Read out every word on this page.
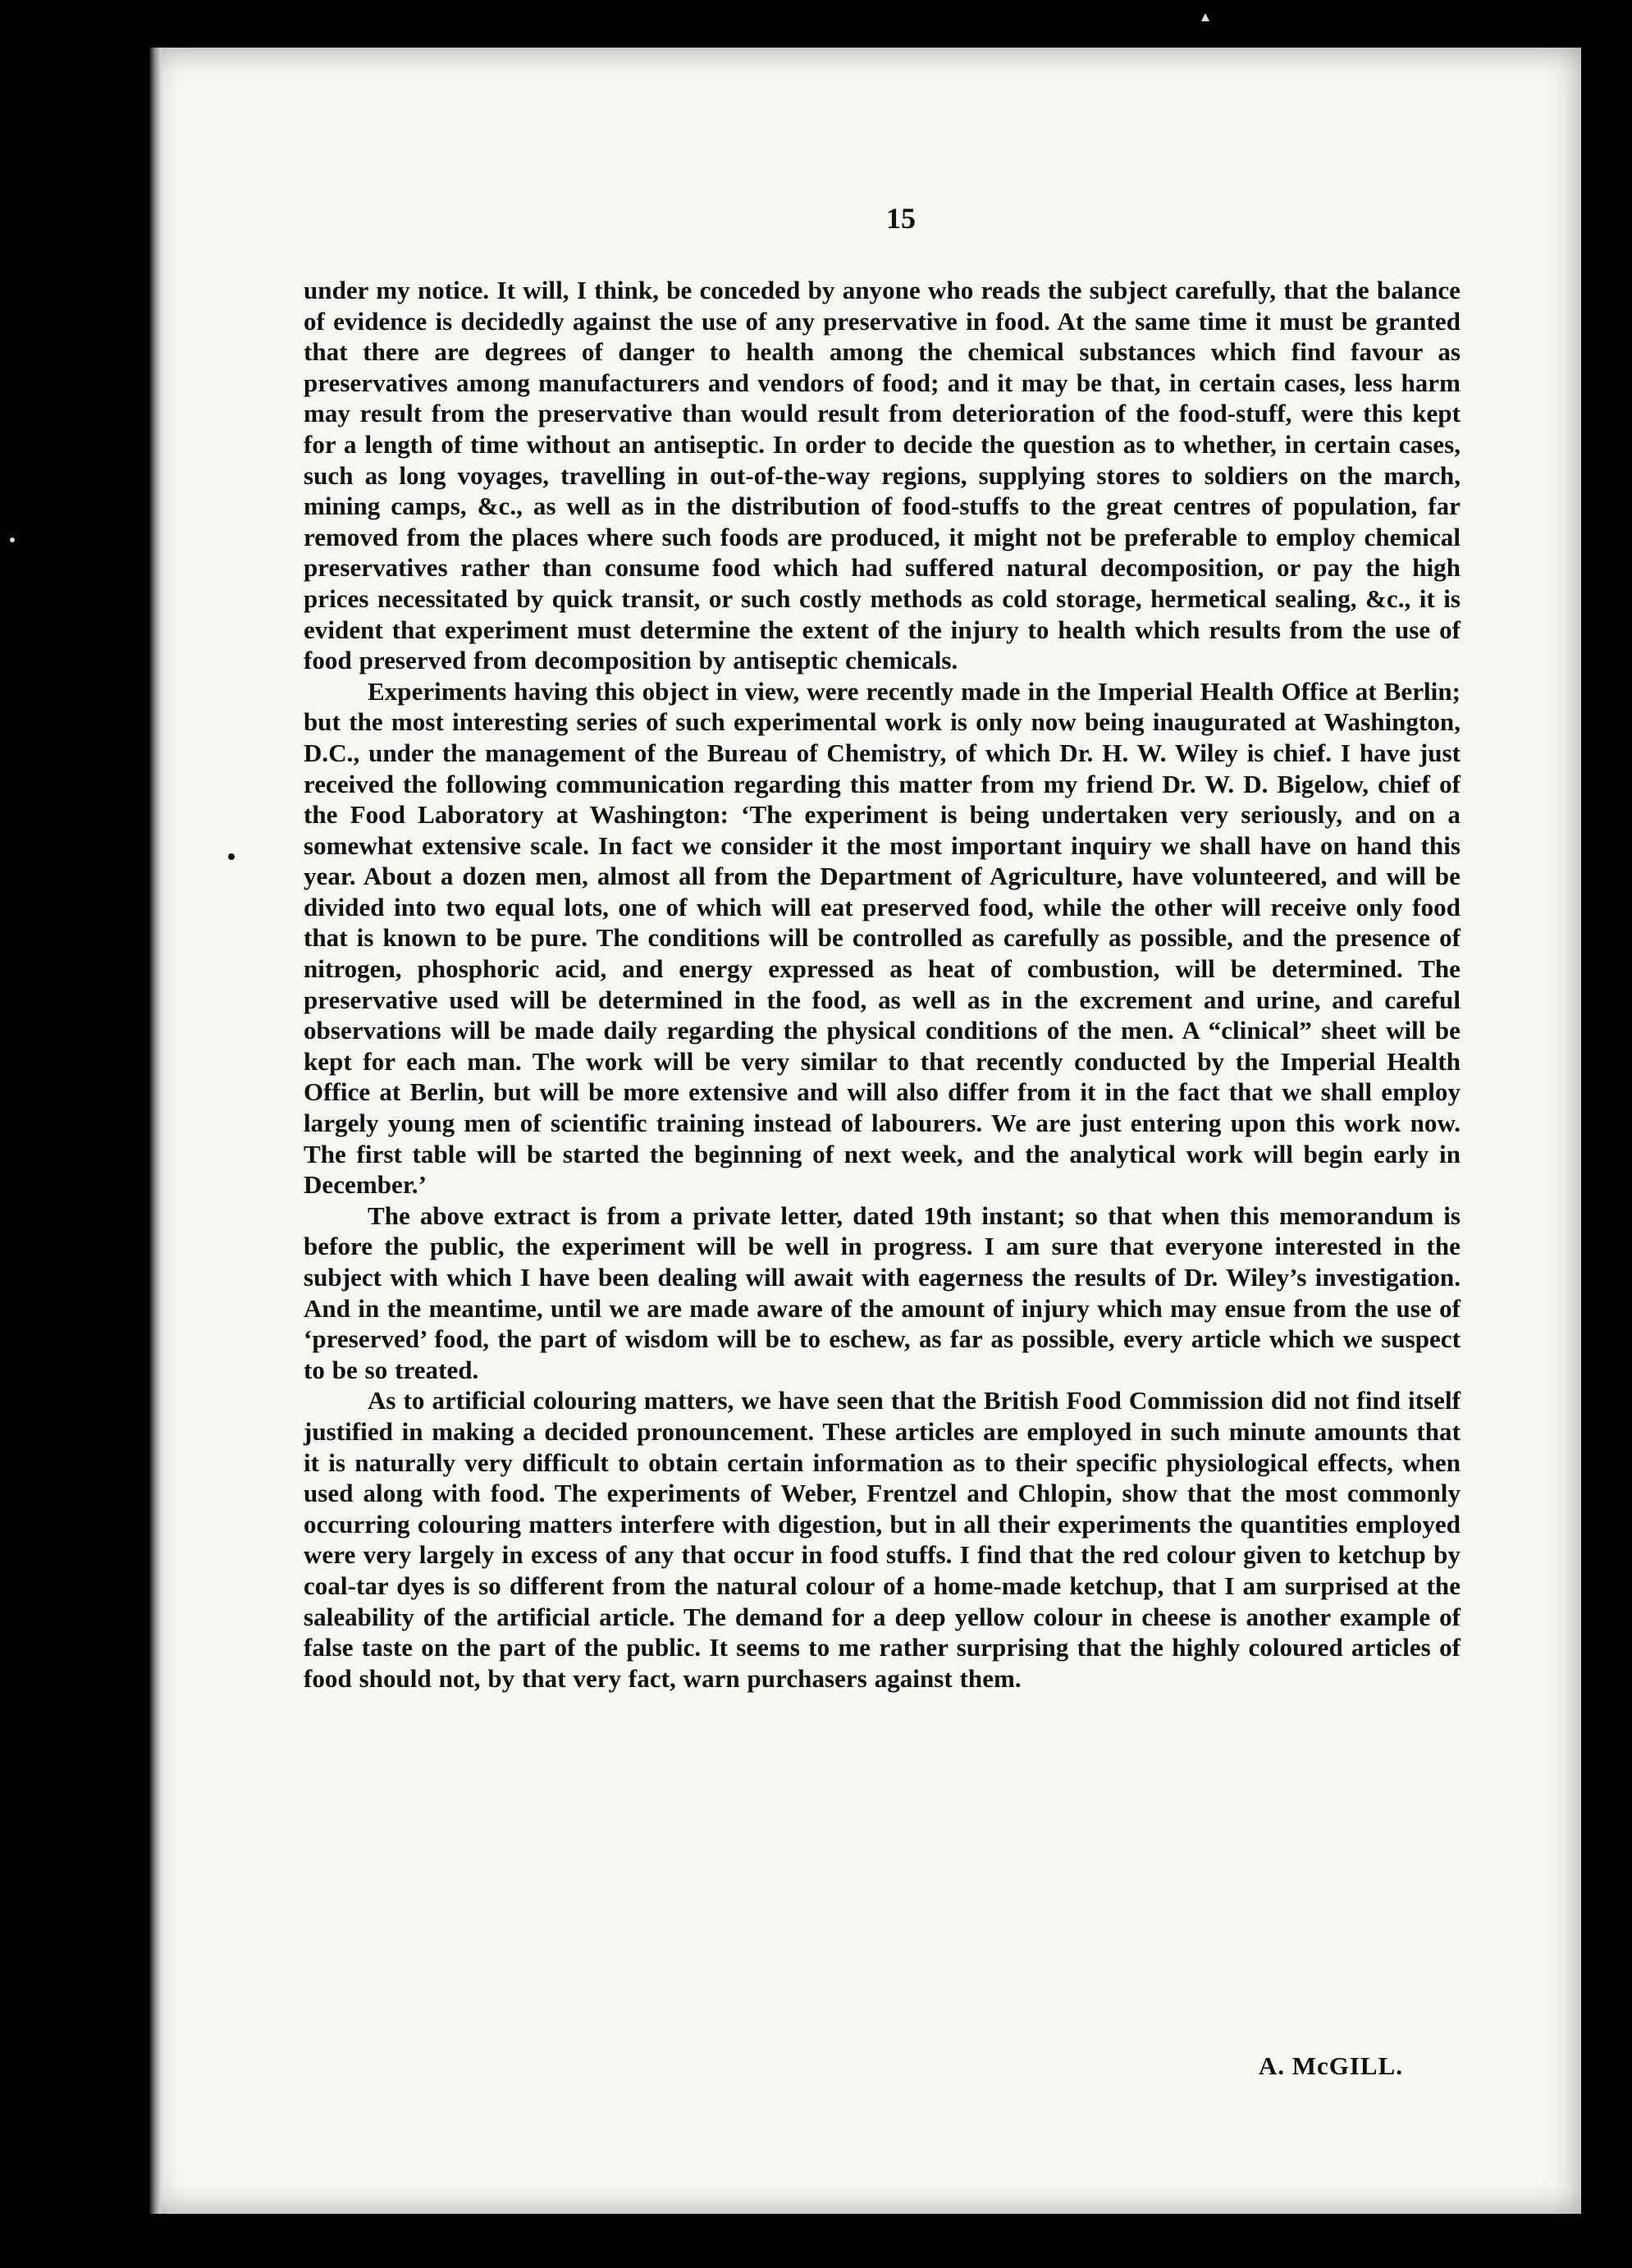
15

under my notice. It will, I think, be conceded by anyone who reads the subject carefully, that the balance of evidence is decidedly against the use of any preservative in food. At the same time it must be granted that there are degrees of danger to health among the chemical substances which find favour as preservatives among manufacturers and vendors of food; and it may be that, in certain cases, less harm may result from the preservative than would result from deterioration of the food-stuff, were this kept for a length of time without an antiseptic. In order to decide the question as to whether, in certain cases, such as long voyages, travelling in out-of-the-way regions, supplying stores to soldiers on the march, mining camps, &c., as well as in the distribution of food-stuffs to the great centres of population, far removed from the places where such foods are produced, it might not be preferable to employ chemical preservatives rather than consume food which had suffered natural decomposition, or pay the high prices necessitated by quick transit, or such costly methods as cold storage, hermetical sealing, &c., it is evident that experiment must determine the extent of the injury to health which results from the use of food preserved from decomposition by antiseptic chemicals.

Experiments having this object in view, were recently made in the Imperial Health Office at Berlin; but the most interesting series of such experimental work is only now being inaugurated at Washington, D.C., under the management of the Bureau of Chemistry, of which Dr. H. W. Wiley is chief. I have just received the following communication regarding this matter from my friend Dr. W. D. Bigelow, chief of the Food Laboratory at Washington: ‘The experiment is being undertaken very seriously, and on a somewhat extensive scale. In fact we consider it the most important inquiry we shall have on hand this year. About a dozen men, almost all from the Department of Agriculture, have volunteered, and will be divided into two equal lots, one of which will eat preserved food, while the other will receive only food that is known to be pure. The conditions will be controlled as carefully as possible, and the presence of nitrogen, phosphoric acid, and energy expressed as heat of combustion, will be determined. The preservative used will be determined in the food, as well as in the excrement and urine, and careful observations will be made daily regarding the physical conditions of the men. A “clinical” sheet will be kept for each man. The work will be very similar to that recently conducted by the Imperial Health Office at Berlin, but will be more extensive and will also differ from it in the fact that we shall employ largely young men of scientific training instead of labourers. We are just entering upon this work now. The first table will be started the beginning of next week, and the analytical work will begin early in December.’

The above extract is from a private letter, dated 19th instant; so that when this memorandum is before the public, the experiment will be well in progress. I am sure that everyone interested in the subject with which I have been dealing will await with eagerness the results of Dr. Wiley’s investigation. And in the meantime, until we are made aware of the amount of injury which may ensue from the use of ‘preserved’ food, the part of wisdom will be to eschew, as far as possible, every article which we suspect to be so treated.

As to artificial colouring matters, we have seen that the British Food Commission did not find itself justified in making a decided pronouncement. These articles are employed in such minute amounts that it is naturally very difficult to obtain certain information as to their specific physiological effects, when used along with food. The experiments of Weber, Frentzel and Chlopin, show that the most commonly occurring colouring matters interfere with digestion, but in all their experiments the quantities employed were very largely in excess of any that occur in food stuffs. I find that the red colour given to ketchup by coal-tar dyes is so different from the natural colour of a home-made ketchup, that I am surprised at the saleability of the artificial article. The demand for a deep yellow colour in cheese is another example of false taste on the part of the public. It seems to me rather surprising that the highly coloured articles of food should not, by that very fact, warn purchasers against them.

A. McGILL.
